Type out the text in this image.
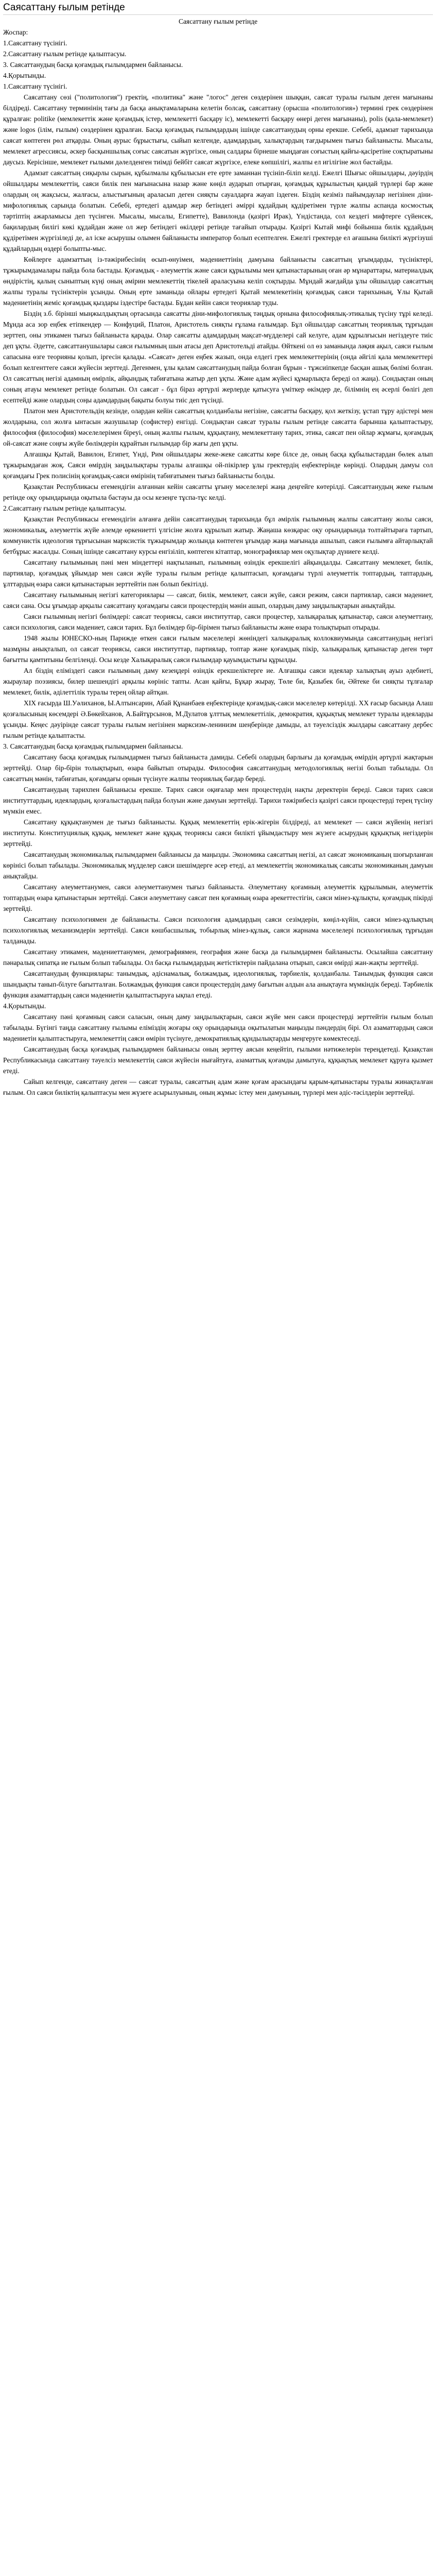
Саясаттану ғылым ретінде

Саясаттану ғылым ретінде

Жоспар:

1.Саясаттану түсінігі.

2.Саясаттану ғылым ретінде қалыптасуы.

3. Саясаттанудың басқа қоғамдық ғылымдармен байланысы.

4.Қорытынды.

1.Саясаттану түсінігі.

Саясаттану сөзі ("политология") гректің, «политика" және "логос" деген сөздерінен шыққан, саясат туралы ғылым деген мағынаны білдіреді. Саясаттану терминінің тағы да басқа анықтамаларына келетін болсақ, саясаттану (орысша «политология») термині грек сөздерінен құралған: politike (мемлекеттік және қоғамдық істер, мемлекетті басқару іс), мемлекетті басқару өнері деген мағынаны), polis (қала-мемлекет) және logos (ілім, ғылым) сөздерінен құралған. Басқа қоғамдық ғылымдардың ішінде саясаттанудың орны ерекше. Себебі, адамзат тарихында саясат көптеген рөл атқарды. Оның аурыс бұрыстығы, сыйып келгенде, адамдардың, халықтардың тағдырымен тығыз байланысты. Мысалы, мемлекет агрессиясы, әскер басқыншылық соғыс саясатын жүргізсе, оның салдары бірнеше мыңдаған соғыстың қайғы-қасіретіне соқтыратыны даусыз. Керісінше, мемлекет ғылыми дәлелденген тиімді бейбіт саясат жүргізсе, елеке көпшілігі, жалпы ел игілігіне жол бастайды.

Адамзат саясаттың сиқырлы сырын, құбылмалы құбылысын ете ерте заманнан түсініп-біліп келді. Ежелгі Шығыс ойшылдары, дәуірдің ойшылдары мемлекеттің, саяси билік пен мағынасына назар және көңіл аударып отырған, қоғамдық құрылыстың қандай түрлері бар және олардың оң жақсысы, жалғасы, алыстығының араласып деген сияқты сауалдарға жауап іздеген. Біздің кезіміз пайымдаулар негізінен діни-мифологиялық сарында болатын. Себебі, ертедегі адамдар жер бетіндегі әміррі құдайдың құдіретімен түрле жалпы аспанда космостық тәртіптің ажарламысы деп түсінген. Мысалы, мысалы, Египетте), Вавилонда (қазіргі Ирак), Үндістанда, сол кездегі мифтерге сүйенсек, бақилардың билігі көкі құдайдан және ол жер бетіндегі өкілдері ретінде тағайып отырады. Қазіргі Кытай мифі бойынша билік құдайдың құдіретімен жүргізіледі де, ал іске асырушы олымен байланысты император болып есептелген. Ежелгі гректерде ел ағашына билікті жүргізуші құдайлардың өздері болыпты-мыс.

Көйлерге адамзаттың із-тәжірибесінің өсып-өнуімен, мәдениеттінің дамуына байланысты саясаттың ұғымдарды, түсініктері, тұжырымдамалары пайда бола бастады. Қоғамдық - әлеуметтік және саяси құрылымы мен қатынастарының оған әр мұнараттары, материалдық өндірістің, қалың сыныптың күңі оның әмірин мемлекеттің тікелей араласуына келіп соқтырды. Мұндай жағдайда ұлы ойшылдар саясаттың жалпы туралы түсініктерін ұсынды. Оның ерте заманыда ойлары ертедегі Қытай мемлекетінің қоғамдық саяси тарихының, Ұлы Қытай мәдениетінің жеміс қоғамдық қыздары іздестіре бастады. Бұдан кейін саяси теориялар туды.

Біздің з.б. бірінші мыңжылдықтың ортасында саясатты діни-мифологиялық тәңдық орнына философиялық-этикалық түсіну тұрі келеді. Мұнда аса зор еңбек етіпкендер — Конфуций, Платон, Аристотель сияқты ғұлама ғалымдар. Бұл ойшылдар саясаттың теориялық тұрғыдан зерттеп, оны этикамен тығыз байланыста қарады. Олар саясатты адамдардың мақсат-мүдделері сай келуге, адам құрылғысын негіздеуге тиіс деп ұқты. Әдетте, саясаттанушылары саяси ғылымның шын атасы деп Аристотельді атайды. Өйткені ол өз заманында ләқия ақыл, саяси ғылым сапасына өзге теорияны қолып, іргесін қалады. «Саясат» деген еңбек жазып, онда елдегі грек мемлекеттерінің (онда әйгілі қала мемлекеттері болып келгенттеге саяси жүйесін зерттеді. Дегенмен, ұлы қалам саясаттанудың пайда болған бұрын - тұжсиіпкепде басқан ашық бөлімі болған. Ол саясаттың негізі адамның өмірлік, айқындық табиғатына жатыр деп ұқты. Және адам жүйесі құмарлықта береді ол жаңа). Сондықтан оның соның атауы мемлекет ретінде болатын. Ол саясат - бұл біраз әртүрлі жерлерде қатысуға үміткер өкімдер де, білімнің ең әсерлі бөлігі деп есептейді және олардың соңы адамдардың бақыты болуы тиіс деп түсінді.

Платон мен Аристотельдің кезінде, олардан кейін саясаттың қолданбалы негізіне, саясатты басқару, қол жеткізу, ұстап тұру әдістері мен жолдарына, сол жолға ынтасын жазушылар (софистер) енгізді. Сондықтан саясат туралы ғылым ретінде саясатта барынша қалыптастыру, философия (философия) мәселелерімен біреуі, оның жалпы ғылым, құқықтану, мемлекеттану тарих, этика, саясат пен ойлар жұмағы, қоғамдық ой-саясат және соңғы жүйе бөлімдерін құрайтын ғылымдар бір жағы деп ұқты.

Алғашқы Қытай, Вавилон, Египет, Үнді, Рим ойшылдары жеке-жеке саясатты көре білсе де, оның басқа құбылыстардан бөлек алып тұжырымдаған жоқ. Саяси өмірдің заңдылықтары туралы алғашқы ой-пікірлер ұлы гректердің еңбектерінде көрінді. Олардың дамуы сол қоғамдағы Грек полисінің қоғамдық-саяси өмірінің табиғатымен тығыз байланысты болды.

Қазақстан Республикасы егемендігін алғаннан кейін саясатты ұғыну мәселелері жаңа деңгейге көтерілді. Саясаттанудың жеке ғылым ретінде оқу орындарында оқытыла бастауы да осы кезеңге тұспа-тұс келді.

2.Саясаттану ғылым ретінде қалыптасуы.

Қазақстан Республикасы егемендігін алғанға дейін саясаттанудың тарихында бұл әмірлік ғылымның жалпы саясаттану жолы саяси, экономикалық, әлеуметтік жүйе әлемде өркениетті үлгісіне жолға құрылып жатыр. Жаңаша көзқарас оқу орындарында толтайтыраға тартып, коммунистік идеология тұрғысынан марксистік тұжырымдар жолында көптеген ұғымдар жаңа мағынада ашылып, саяси ғылымға айтарлықтай бетбұрыс жасалды. Соның ішінде саясаттану курсы енгізіліп, көптеген кітаптар, монографиялар мен оқулықтар дүниеге келді.

Саясаттану ғылымының пәні мен міндеттері нақтыланып, ғылымның өзіндік ерекшелігі айқындалды. Саясаттану мемлекет, билік, партиялар, қоғамдық ұйымдар мен саяси жүйе туралы ғылым ретінде қалыптасып, қоғамдағы түрлі әлеуметтік топтардың, таптардың, ұлттардың өзара саяси қатынастарын зерттейтін пән болып бекітілді.

Саясаттану ғылымының негізгі категориялары — саясат, билік, мемлекет, саяси жүйе, саяси режим, саяси партиялар, саяси мәдениет, саяси сана. Осы ұғымдар арқылы саясаттану қоғамдағы саяси процестердің мәнін ашып, олардың даму заңдылықтарын анықтайды.

Саяси ғылымның негізгі бөлімдері: саясат теориясы, саяси институттар, саяси процестер, халықаралық қатынастар, саяси әлеуметтану, саяси психология, саяси мәдениет, саяси тарих. Бұл бөлімдер бір-бірімен тығыз байланысты және өзара толықтырып отырады.

1948 жылы ЮНЕСКО-ның Парижде өткен саяси ғылым мәселелері жөніндегі халықаралық коллоквиумында саясаттанудың негізгі мазмұны анықталып, ол саясат теориясы, саяси институттар, партиялар, топтар және қоғамдық пікір, халықаралық қатынастар деген төрт бағытты қамтитыны белгіленді. Осы кезде Халықаралық саяси ғылымдар қауымдастығы құрылды.

Ал біздің еліміздегі саяси ғылымның даму кезеңдері өзіндік ерекшеліктерге ие. Алғашқы саяси идеялар халықтың ауыз әдебиеті, жыраулар поэзиясы, билер шешендігі арқылы көрініс тапты. Асан қайғы, Бұқар жырау, Төле би, Қазыбек би, Әйтеке би сияқты тұлғалар мемлекет, билік, әділеттілік туралы терең ойлар айтқан.

ХІХ ғасырда Ш.Уәлиханов, Ы.Алтынсарин, Абай Құнанбаев еңбектерінде қоғамдық-саяси мәселелер көтерілді. ХХ ғасыр басында Алаш қозғалысының көсемдері Ә.Бөкейханов, А.Байтұрсынов, М.Дулатов ұлттық мемлекеттілік, демократия, құқықтық мемлекет туралы идеяларды ұсынды. Кеңес дәуірінде саясат туралы ғылым негізінен марксизм-ленинизм шеңберінде дамыды, ал тәуелсіздік жылдары саясаттану дербес ғылым ретінде қалыптасты.

3. Саясаттанудың басқа қоғамдық ғылымдармен байланысы.

Саясаттану басқа қоғамдық ғылымдармен тығыз байланыста дамиды. Себебі олардың барлығы да қоғамдық өмірдің әртүрлі жақтарын зерттейді. Олар бір-бірін толықтырып, өзара байытып отырады. Философия саясаттанудың методологиялық негізі болып табылады. Ол саясаттың мәнін, табиғатын, қоғамдағы орнын түсінуге жалпы теориялық бағдар береді.

Саясаттанудың тарихпен байланысы ерекше. Тарих саяси оқиғалар мен процестердің нақты деректерін береді. Саяси тарих саяси институттардың, идеялардың, қозғалыстардың пайда болуын және дамуын зерттейді. Тарихи тәжірибесіз қазіргі саяси процестерді терең түсіну мүмкін емес.

Саясаттану құқықтанумен де тығыз байланысты. Құқық мемлекеттің ерік-жігерін білдіреді, ал мемлекет — саяси жүйенің негізгі институты. Конституциялық құқық, мемлекет және құқық теориясы саяси билікті ұйымдастыру мен жүзеге асырудың құқықтық негіздерін зерттейді.

Саясаттанудың экономикалық ғылымдармен байланысы да маңызды. Экономика саясаттың негізі, ал саясат экономиканың шоғырланған көрінісі болып табылады. Экономикалық мүдделер саяси шешімдерге әсер етеді, ал мемлекеттің экономикалық саясаты экономиканың дамуын анықтайды.

Саясаттану әлеуметтанумен, саяси әлеуметтанумен тығыз байланыста. Әлеуметтану қоғамның әлеуметтік құрылымын, әлеуметтік топтардың өзара қатынастарын зерттейді. Саяси әлеуметтану саясат пен қоғамның өзара әрекеттестігін, саяси мінез-құлықты, қоғамдық пікірді зерттейді.

Саясаттану психологиямен де байланысты. Саяси психология адамдардың саяси сезімдерін, көңіл-күйін, саяси мінез-құлықтың психологиялық механизмдерін зерттейді. Саяси көшбасшылық, тобырлық мінез-құлық, саяси жарнама мәселелері психологиялық тұрғыдан талданады.

Саясаттану этикамен, мәдениеттанумен, демографиямен, география және басқа да ғылымдармен байланысты. Осылайша саясаттану пәнаралық сипатқа ие ғылым болып табылады. Ол басқа ғылымдардың жетістіктерін пайдалана отырып, саяси өмірді жан-жақты зерттейді.

Саясаттанудың функциялары: танымдық, әдіснамалық, болжамдық, идеологиялық, тәрбиелік, қолданбалы. Танымдық функция саяси шындықты танып-білуге бағытталған. Болжамдық функция саяси процестердің даму бағытын алдын ала анықтауға мүмкіндік береді. Тәрбиелік функция азаматтардың саяси мәдениетін қалыптастыруға ықпал етеді.

4.Қорытынды.

Саясаттану пәні қоғамның саяси саласын, оның даму заңдылықтарын, саяси жүйе мен саяси процестерді зерттейтін ғылым болып табылады. Бүгінгі таңда саясаттану ғылымы еліміздің жоғары оқу орындарында оқытылатын маңызды пәндердің бірі. Ол азаматтардың саяси мәдениетін қалыптастыруға, мемлекеттің саяси өмірін түсінуге, демократиялық құндылықтарды меңгеруге көмектеседі.

Саясаттанудың басқа қоғамдық ғылымдармен байланысы оның зерттеу аясын кеңейтіп, ғылыми нәтижелерін тереңдетеді. Қазақстан Республикасында саясаттану тәуелсіз мемлекеттің саяси жүйесін нығайтуға, азаматтық қоғамды дамытуға, құқықтық мемлекет құруға қызмет етеді.

Сайып келгенде, саясаттану деген — саясат туралы, саясаттың адам және қоғам арасындағы қарым-қатынастары туралы жинақталған ғылым. Ол саяси биліктің қалыптасуы мен жүзеге асырылуының, оның жұмыс істеу мен дамуының, түрлері мен әдіс-тәсілдерін зерттейді.
